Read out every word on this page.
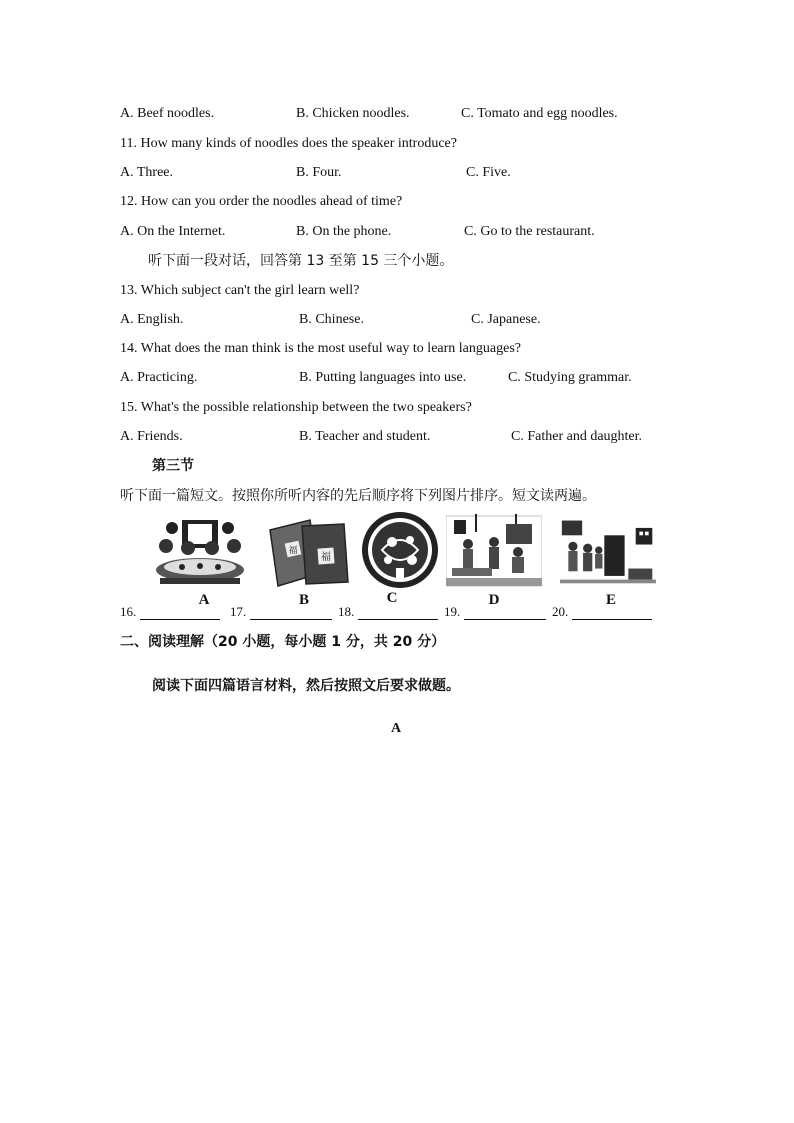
A. Beef noodles.	B. Chicken noodles.	C. Tomato and egg noodles.
11. How many kinds of noodles does the speaker introduce?
A. Three.	B. Four.	C. Five.
12. How can you order the noodles ahead of time?
A. On the Internet.	B. On the phone.	C. Go to the restaurant.
听下面一段对话，回答第 13 至第 15 三个小题。
13. Which subject can't the girl learn well?
A. English.	B. Chinese.	C. Japanese.
14. What does the man think is the most useful way to learn languages?
A. Practicing.	B. Putting languages into use.	C. Studying grammar.
15. What's the possible relationship between the two speakers?
A. Friends.	B. Teacher and student.	C. Father and daughter.
第三节
听下面一篇短文。按照你所听内容的先后顺序将下列图片排序。短文读两遍。
A
福
福
B	C	D	E
16.	17.	18.	19.	20.
二、阅读理解（20 小题，每小题 1 分，共 20 分）
阅读下面四篇语言材料，然后按照文后要求做题。
A
